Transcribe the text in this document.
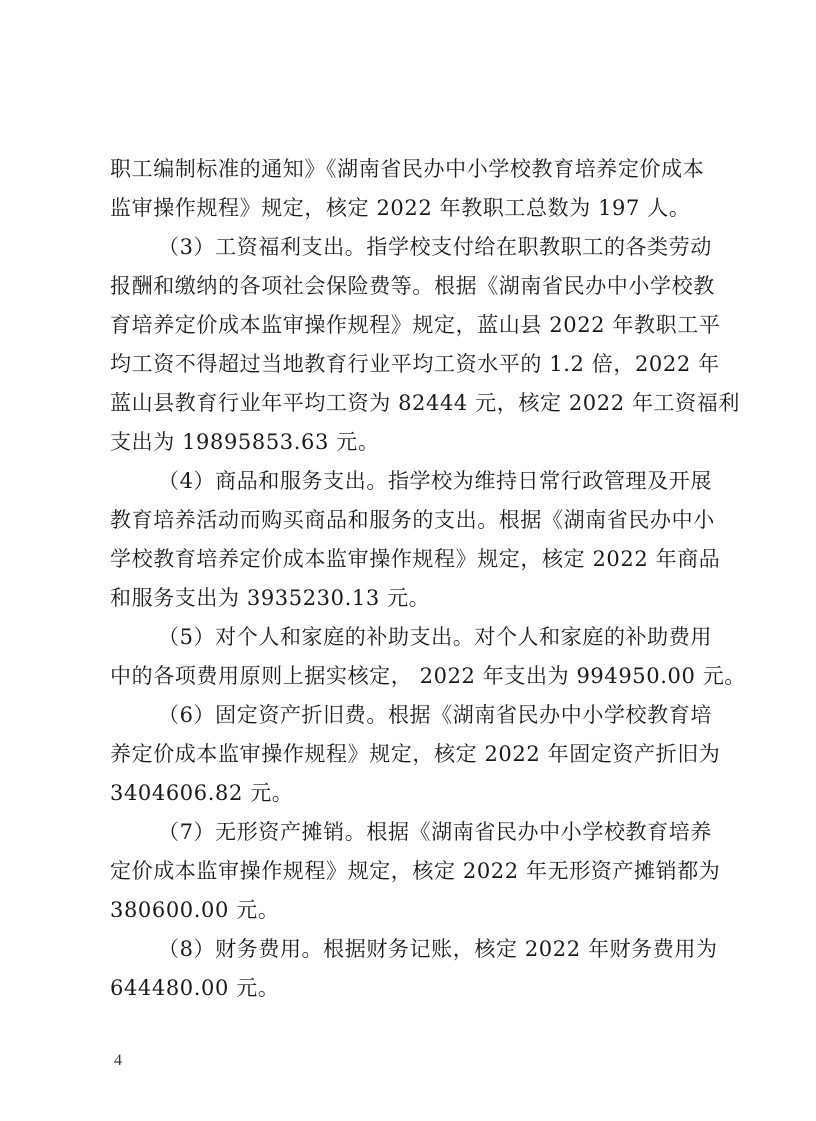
职工编制标准的通知》《湖南省民办中小学校教育培养定价成本

监审操作规程》规定，核定 2022 年教职工总数为 197 人。

（3）工资福利支出。指学校支付给在职教职工的各类劳动

报酬和缴纳的各项社会保险费等。根据《湖南省民办中小学校教

育培养定价成本监审操作规程》规定，蓝山县 2022 年教职工平

均工资不得超过当地教育行业平均工资水平的 1.2 倍，2022 年

蓝山县教育行业年平均工资为 82444 元，核定 2022 年工资福利

支出为 19895853.63 元。

（4）商品和服务支出。指学校为维持日常行政管理及开展

教育培养活动而购买商品和服务的支出。根据《湖南省民办中小

学校教育培养定价成本监审操作规程》规定，核定 2022 年商品

和服务支出为 3935230.13 元。

（5）对个人和家庭的补助支出。对个人和家庭的补助费用

中的各项费用原则上据实核定， 2022 年支出为 994950.00 元。

（6）固定资产折旧费。根据《湖南省民办中小学校教育培

养定价成本监审操作规程》规定，核定 2022 年固定资产折旧为

3404606.82 元。

（7）无形资产摊销。根据《湖南省民办中小学校教育培养

定价成本监审操作规程》规定，核定 2022 年无形资产摊销都为

380600.00 元。

（8）财务费用。根据财务记账，核定 2022 年财务费用为

644480.00 元。

4
